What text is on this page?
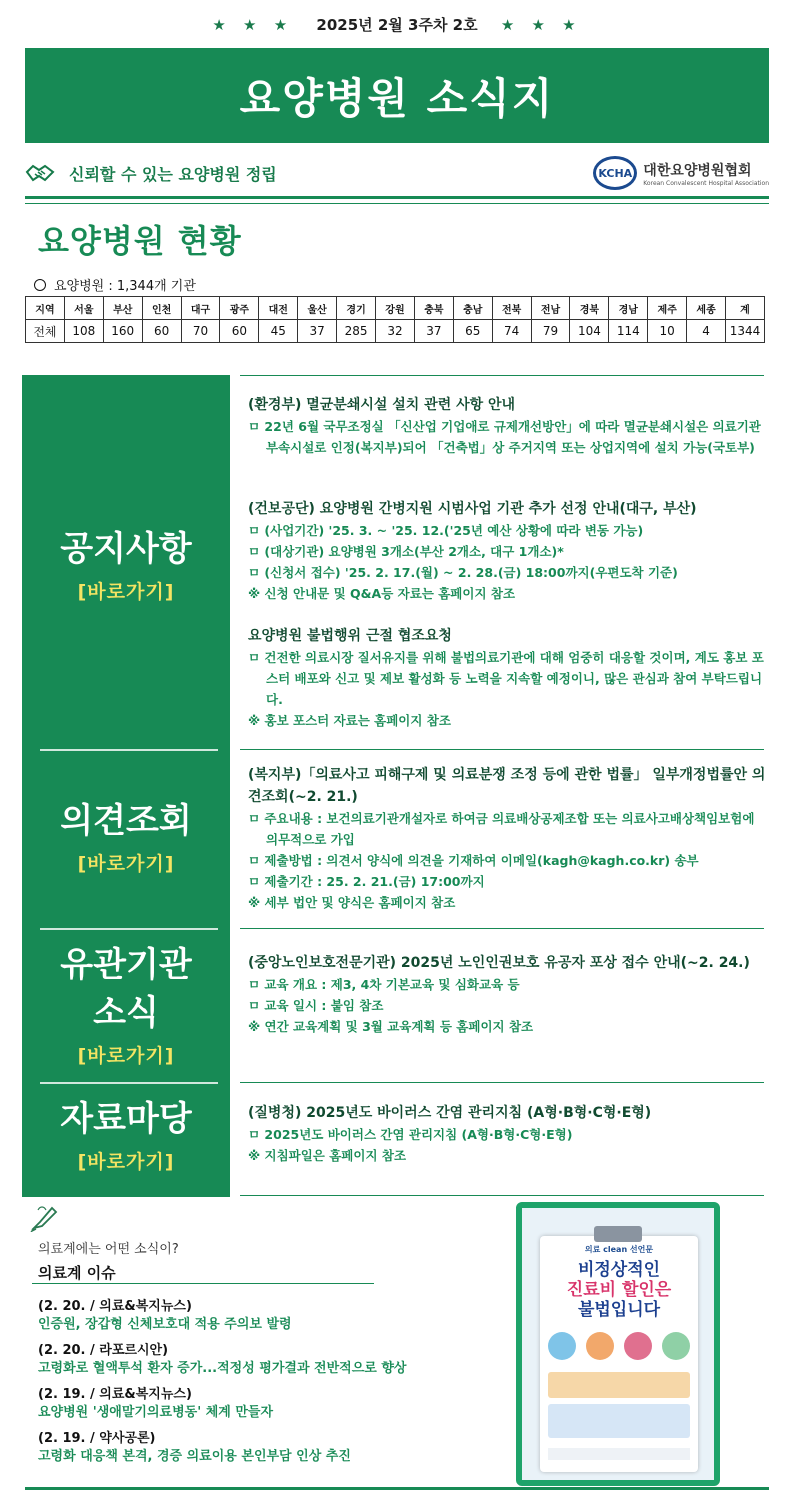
★ ★ ★ 2025년 2월 3주차 2호 ★ ★ ★
요양병원 소식지
신뢰할 수 있는 요양병원 정립	KCHA 대한요양병원협회
Korean Convalescent Hospital Association
요양병원 현황
요양병원 : 1,344개 기관
지역	서울	부산	인천	대구	광주	대전	울산	경기	강원	충북	충남	전북	전남	경북	경남	제주	세종	계
전체	108	160	60	70	60	45	37	285	32	37	65	74	79	104	114	10	4	1344
공지사항
[바로가기]
의견조회
[바로가기]
유관기관
소식
[바로가기]
자료마당
[바로가기]
(환경부) 멸균분쇄시설 설치 관련 사항 안내
ㅁ 22년 6월 국무조정실 「신산업 기업애로 규제개선방안」에 따라 멸균분쇄시설은 의료기관 부속시설로 인정(복지부)되어 「건축법」상 주거지역 또는 상업지역에 설치 가능(국토부)
(건보공단) 요양병원 간병지원 시범사업 기관 추가 선정 안내(대구, 부산)
ㅁ (사업기간) '25. 3. ~ '25. 12.('25년 예산 상황에 따라 변동 가능)
ㅁ (대상기관) 요양병원 3개소(부산 2개소, 대구 1개소)*
ㅁ (신청서 접수) '25. 2. 17.(월) ~ 2. 28.(금) 18:00까지(우편도착 기준)
※ 신청 안내문 및 Q&A등 자료는 홈페이지 참조
요양병원 불법행위 근절 협조요청
ㅁ 건전한 의료시장 질서유지를 위해 불법의료기관에 대해 엄중히 대응할 것이며, 계도 홍보 포스터 배포와 신고 및 제보 활성화 등 노력을 지속할 예정이니, 많은 관심과 참여 부탁드립니다.
※ 홍보 포스터 자료는 홈페이지 참조
(복지부)「의료사고 피해구제 및 의료분쟁 조정 등에 관한 법률」 일부개정법률안 의견조회(~2. 21.)
ㅁ 주요내용 : 보건의료기관개설자로 하여금 의료배상공제조합 또는 의료사고배상책임보험에 의무적으로 가입
ㅁ 제출방법 : 의견서 양식에 의견을 기재하여 이메일(kagh@kagh.co.kr) 송부
ㅁ 제출기간 : 25. 2. 21.(금) 17:00까지
※ 세부 법안 및 양식은 홈페이지 참조
(중앙노인보호전문기관) 2025년 노인인권보호 유공자 포상 접수 안내(~2. 24.)
ㅁ 교육 개요 : 제3, 4차 기본교육 및 심화교육 등
ㅁ 교육 일시 : 붙임 참조
※ 연간 교육계획 및 3월 교육계획 등 홈페이지 참조
(질병청) 2025년도 바이러스 간염 관리지침 (A형·B형·C형·E형)
ㅁ 2025년도 바이러스 간염 관리지침 (A형·B형·C형·E형)
※ 지침파일은 홈페이지 참조
의료계에는 어떤 소식이?
의료계 이슈
(2. 20. / 의료&복지뉴스)
인증원, 장갑형 신체보호대 적용 주의보 발령
(2. 20. / 라포르시안)
고령화로 혈액투석 환자 증가...적정성 평가결과 전반적으로 향상
(2. 19. / 의료&복지뉴스)
요양병원 '생애말기의료병동' 체계 만들자
(2. 19. / 약사공론)
고령화 대응책 본격, 경증 의료이용 본인부담 인상 추진
의료 clean 선언문
비정상적인
진료비 할인은
불법입니다
